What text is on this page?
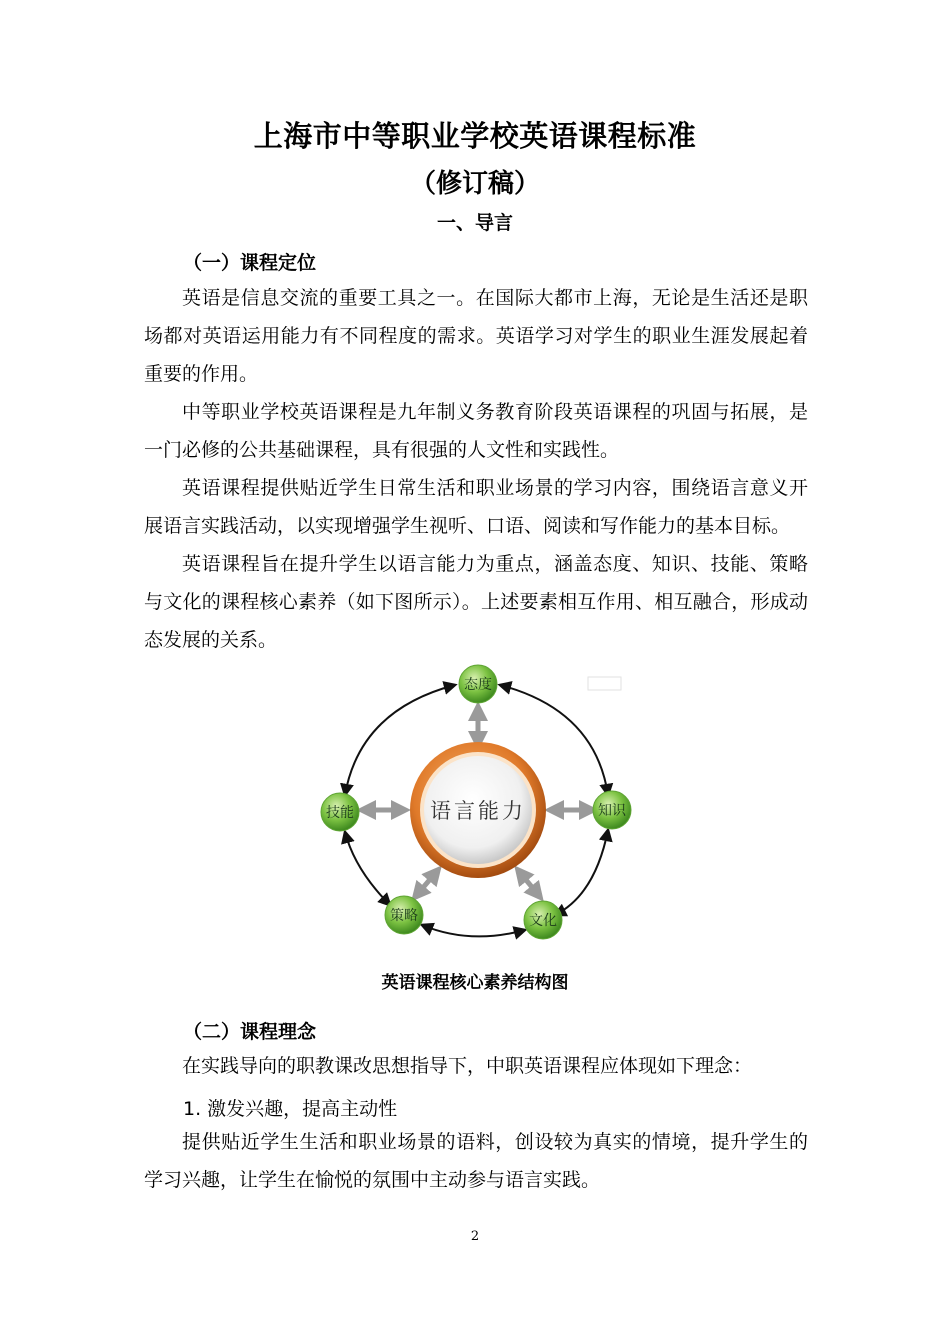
上海市中等职业学校英语课程标准
（修订稿）
一、导言
（一）课程定位

英语是信息交流的重要工具之一。在国际大都市上海，无论是生活还是职场都对英语运用能力有不同程度的需求。英语学习对学生的职业生涯发展起着重要的作用。

中等职业学校英语课程是九年制义务教育阶段英语课程的巩固与拓展，是一门必修的公共基础课程，具有很强的人文性和实践性。

英语课程提供贴近学生日常生活和职业场景的学习内容，围绕语言意义开展语言实践活动，以实现增强学生视听、口语、阅读和写作能力的基本目标。

英语课程旨在提升学生以语言能力为重点，涵盖态度、知识、技能、策略与文化的课程核心素养（如下图所示）。上述要素相互作用、相互融合，形成动态发展的关系。

语言能力
态度
知识
文化
策略
技能
英语课程核心素养结构图
（二）课程理念

在实践导向的职教课改思想指导下，中职英语课程应体现如下理念：

1. 激发兴趣，提高主动性

提供贴近学生生活和职业场景的语料，创设较为真实的情境，提升学生的学习兴趣，让学生在愉悦的氛围中主动参与语言实践。

2
